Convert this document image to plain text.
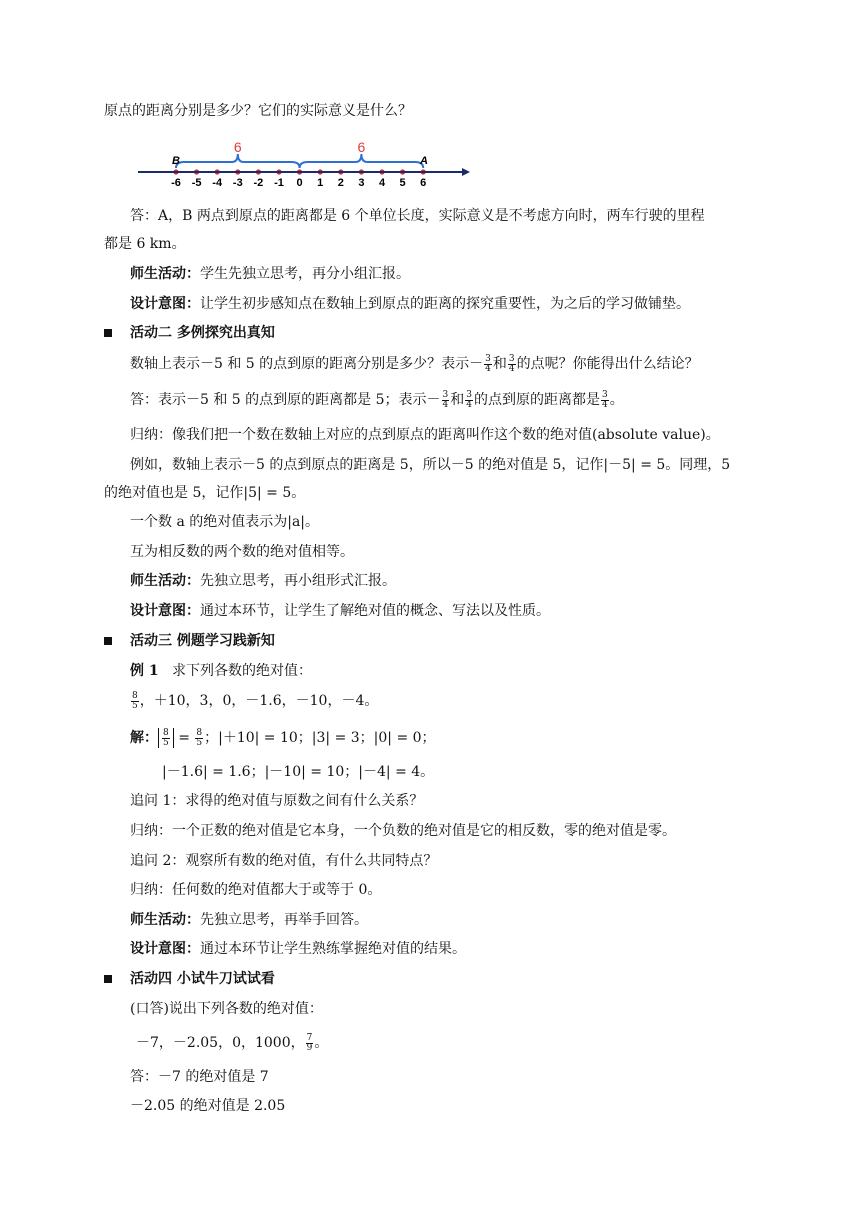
原点的距离分别是多少？它们的实际意义是什么？
-6 -5 -4 -3 -2 -1 0 1 2 3 4 5 6
6	6
B	A
答：A，B 两点到原点的距离都是 6 个单位长度，实际意义是不考虑方向时，两车行驶的里程
都是 6 km。
师生活动：学生先独立思考，再分小组汇报。
设计意图：让学生初步感知点在数轴上到原点的距离的探究重要性，为之后的学习做铺垫。
活动二 多例探究出真知
数轴上表示－5 和 5 的点到原的距离分别是多少？表示－ $\frac{3}{4}$ 和 $\frac{3}{4}$ 的点呢？你能得出什么结论？
答：表示－5 和 5 的点到原的距离都是 5；表示－ $\frac{3}{4}$ 和 $\frac{3}{4}$ 的点到原的距离都是 $\frac{3}{4}$ 。
归纳：像我们把一个数在数轴上对应的点到原点的距离叫作这个数的绝对值(absolute value)。
例如，数轴上表示－5 的点到原点的距离是 5，所以－5 的绝对值是 5，记作|－5| = 5。同理，5
的绝对值也是 5，记作|5| = 5。
一个数 a 的绝对值表示为|a|。
互为相反数的两个数的绝对值相等。
师生活动：先独立思考，再小组形式汇报。
设计意图：通过本环节，让学生了解绝对值的概念、写法以及性质。
活动三 例题学习践新知
例 1 求下列各数的绝对值：
$\frac{8}{5}$ ，＋10，3，0，－1.6，－10，－4。
解： $\frac{8}{5} = \frac{8}{5}$ ；|＋10| = 10；|3| = 3；|0| = 0；
|－1.6| = 1.6；|－10| = 10；|－4| = 4。
追问 1：求得的绝对值与原数之间有什么关系？
归纳：一个正数的绝对值是它本身，一个负数的绝对值是它的相反数，零的绝对值是零。
追问 2：观察所有数的绝对值，有什么共同特点？
归纳：任何数的绝对值都大于或等于 0。
师生活动：先独立思考，再举手回答。
设计意图：通过本环节让学生熟练掌握绝对值的结果。
活动四 小试牛刀试试看
(口答)说出下列各数的绝对值：
－7，－2.05，0，1000， $\frac{7}{9}$ 。
答：－7 的绝对值是 7
－2.05 的绝对值是 2.05
